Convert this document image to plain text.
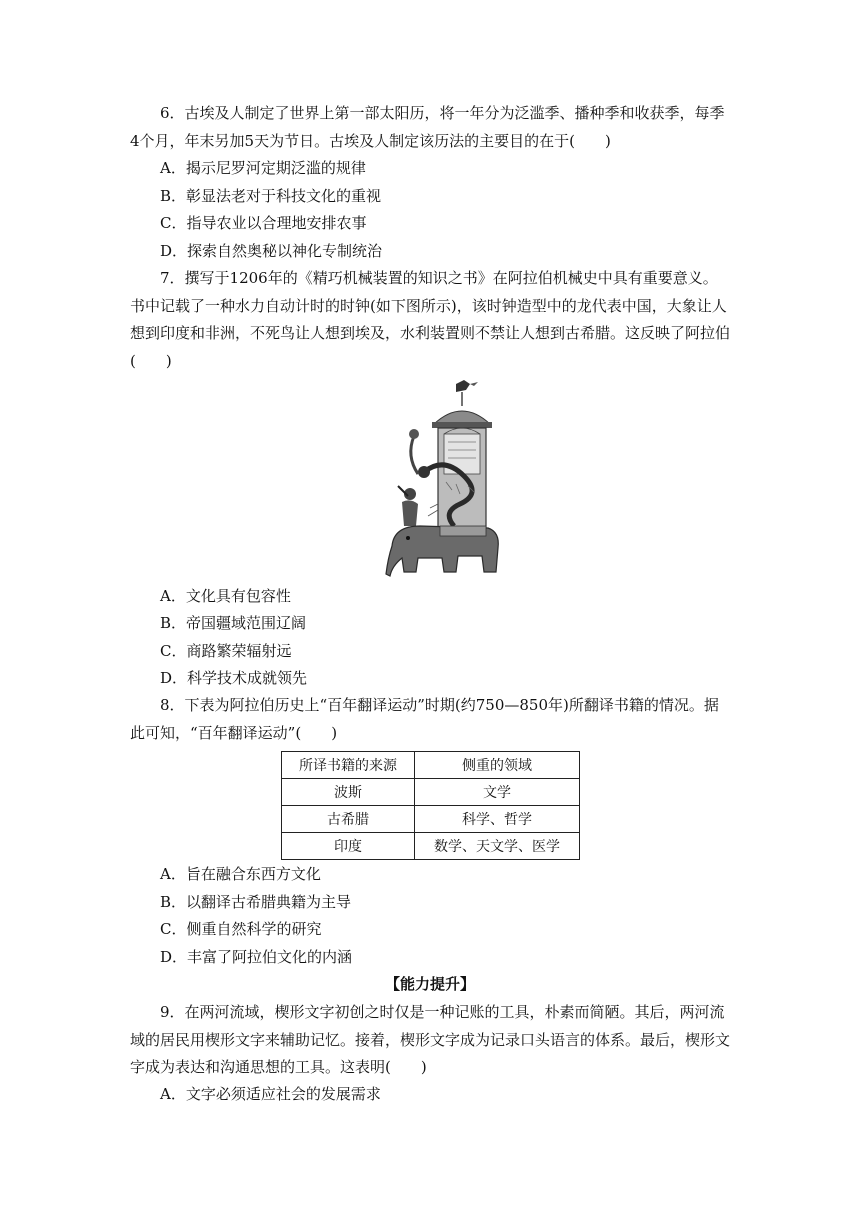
6．古埃及人制定了世界上第一部太阳历，将一年分为泛滥季、播种季和收获季，每季4个月，年末另加5天为节日。古埃及人制定该历法的主要目的在于(　　)

A．揭示尼罗河定期泛滥的规律

B．彰显法老对于科技文化的重视

C．指导农业以合理地安排农事

D．探索自然奥秘以神化专制统治

7．撰写于1206年的《精巧机械装置的知识之书》在阿拉伯机械史中具有重要意义。书中记载了一种水力自动计时的时钟(如下图所示)，该时钟造型中的龙代表中国，大象让人想到印度和非洲，不死鸟让人想到埃及，水利装置则不禁让人想到古希腊。这反映了阿拉伯(　　)

A．文化具有包容性

B．帝国疆域范围辽阔

C．商路繁荣辐射远

D．科学技术成就领先

8．下表为阿拉伯历史上“百年翻译运动”时期(约750—850年)所翻译书籍的情况。据此可知，“百年翻译运动”(　　)

所译书籍的来源	侧重的领域
波斯	文学
古希腊	科学、哲学
印度	数学、天文学、医学

A．旨在融合东西方文化

B．以翻译古希腊典籍为主导

C．侧重自然科学的研究

D．丰富了阿拉伯文化的内涵

【能力提升】

9．在两河流域，楔形文字初创之时仅是一种记账的工具，朴素而简陋。其后，两河流域的居民用楔形文字来辅助记忆。接着，楔形文字成为记录口头语言的体系。最后，楔形文字成为表达和沟通思想的工具。这表明(　　)

A．文字必须适应社会的发展需求
